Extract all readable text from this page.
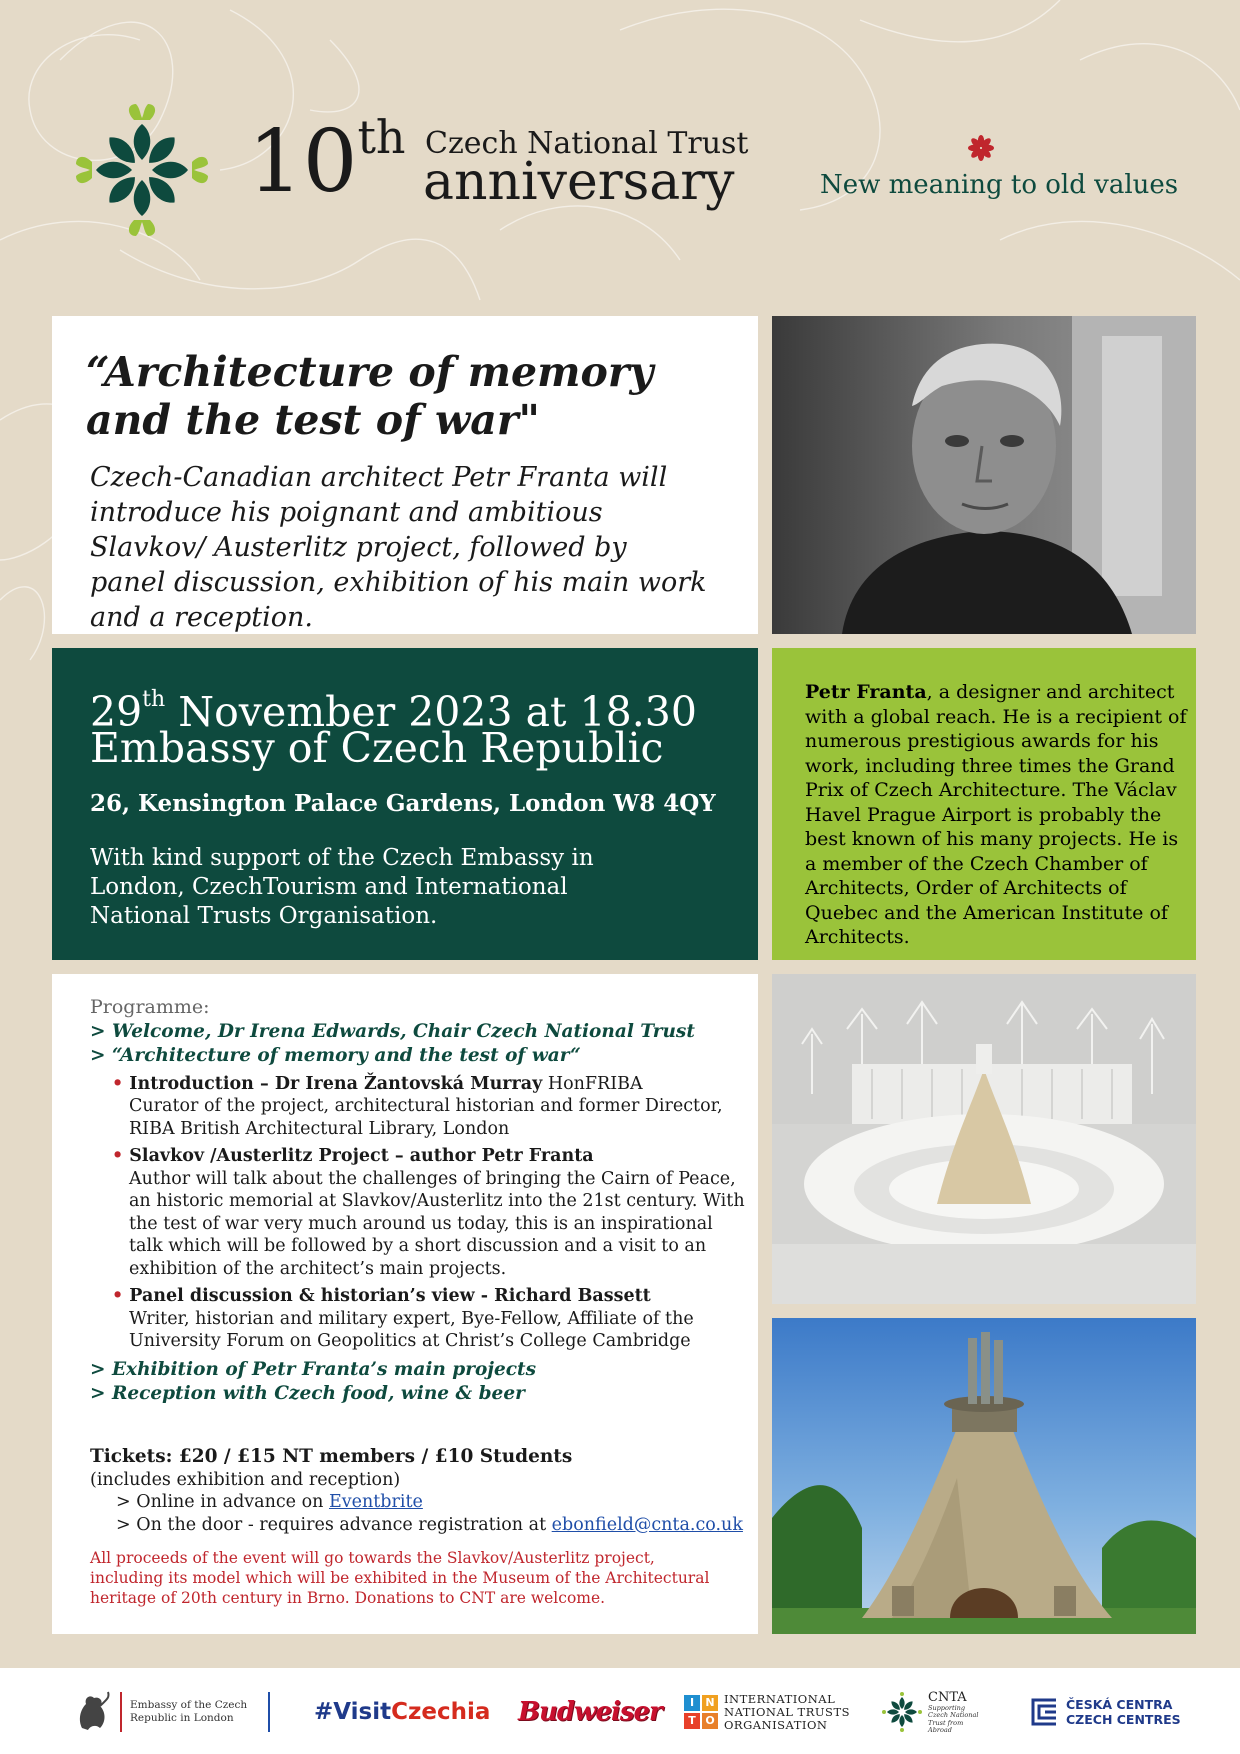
10th Czech National Trust
anniversary	New meaning to old values
“Architecture of memory
and the test of war"
Czech-Canadian architect Petr Franta will introduce his poignant and ambitious Slavkov/ Austerlitz project, followed by panel discussion, exhibition of his main work and a reception.
29th November 2023 at 18.30
Embassy of Czech Republic
26, Kensington Palace Gardens, London W8 4QY
With kind support of the Czech Embassy in London, CzechTourism and International National Trusts Organisation.
Petr Franta, a designer and architect with a global reach. He is a recipient of numerous prestigious awards for his work, including three times the Grand Prix of Czech Architecture. The Václav Havel Prague Airport is probably the best known of his many projects. He is a member of the Czech Chamber of Architects, Order of Architects of Quebec and the American Institute of Architects.
Programme:
> Welcome, Dr Irena Edwards, Chair Czech National Trust
> “Architecture of memory and the test of war“
• Introduction – Dr Irena Žantovská Murray HonFRIBA
Curator of the project, architectural historian and former Director, RIBA British Architectural Library, London
• Slavkov /Austerlitz Project – author Petr Franta
Author will talk about the challenges of bringing the Cairn of Peace, an historic memorial at Slavkov/Austerlitz into the 21st century. With the test of war very much around us today, this is an inspirational talk which will be followed by a short discussion and a visit to an exhibition of the architect’s main projects.
• Panel discussion & historian’s view - Richard Bassett
Writer, historian and military expert, Bye-Fellow, Affiliate of the University Forum on Geopolitics at Christ’s College Cambridge
> Exhibition of Petr Franta’s main projects
> Reception with Czech food, wine & beer
Tickets: £20 / £15 NT members / £10 Students
(includes exhibition and reception)
> Online in advance on Eventbrite
> On the door - requires advance registration at ebonfield@cnta.co.uk
All proceeds of the event will go towards the Slavkov/Austerlitz project, including its model which will be exhibited in the Museum of the Architectural heritage of 20th century in Brno. Donations to CNT are welcome.
Embassy of the Czech Republic in London	#Visit Czechia Budweiser	I	N
T O
INTERNATIONAL
NATIONAL TRUSTS
ORGANISATION
CNTA
Supporting Czech National Trust from Abroad
ČESKÁ CENTRA
CZECH CENTRES
